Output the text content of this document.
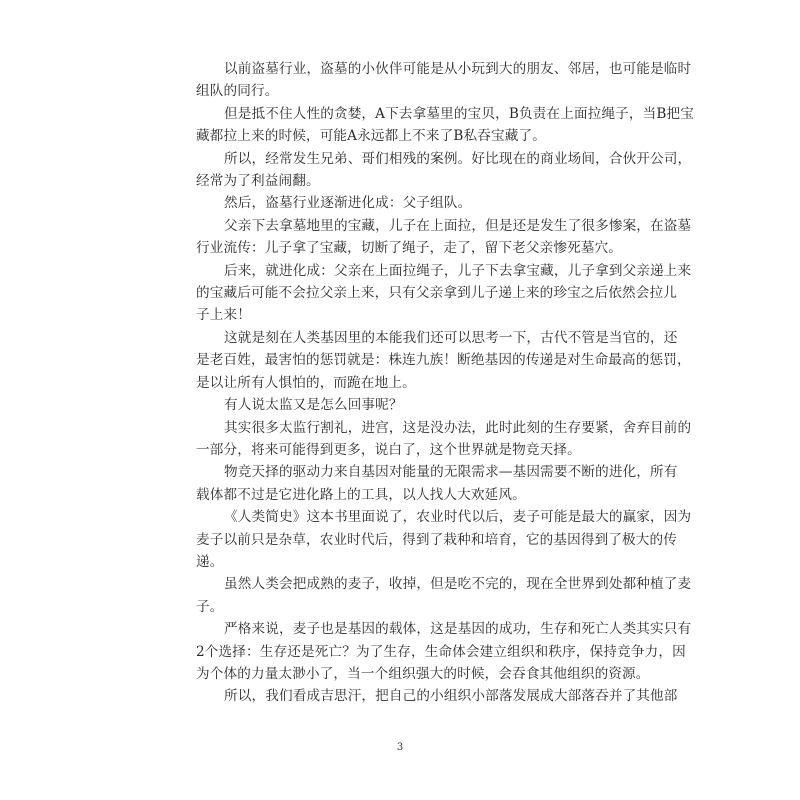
以前盗墓行业，盗墓的小伙伴可能是从小玩到大的朋友、邻居，也可能是临时

组队的同行。

但是抵不住人性的贪婪，A下去拿墓里的宝贝，B负责在上面拉绳子，当B把宝

藏都拉上来的时候，可能A永远都上不来了B私吞宝藏了。

所以，经常发生兄弟、哥们相残的案例。好比现在的商业场间，合伙开公司，

经常为了利益闹翻。

然后，盗墓行业逐渐进化成：父子组队。

父亲下去拿墓地里的宝藏，儿子在上面拉，但是还是发生了很多惨案，在盗墓

行业流传：儿子拿了宝藏，切断了绳子，走了，留下老父亲惨死墓穴。

后来，就进化成：父亲在上面拉绳子，儿子下去拿宝藏，儿子拿到父亲递上来

的宝藏后可能不会拉父亲上来，只有父亲拿到儿子递上来的珍宝之后依然会拉儿

子上来！

这就是刻在人类基因里的本能我们还可以思考一下，古代不管是当官的，还

是老百姓，最害怕的惩罚就是：株连九族！断绝基因的传递是对生命最高的惩罚，

是以让所有人惧怕的，而跪在地上。

有人说太监又是怎么回事呢？

其实很多太监行割礼，进宫，这是没办法，此时此刻的生存要紧，舍弃目前的

一部分，将来可能得到更多，说白了，这个世界就是物竞天择。

物竞天择的驱动力来自基因对能量的无限需求—基因需要不断的进化，所有

载体都不过是它进化路上的工具，以人找人大欢延风。

《人类简史》这本书里面说了，农业时代以后，麦子可能是最大的赢家，因为

麦子以前只是杂草，农业时代后，得到了栽种和培育，它的基因得到了极大的传

递。

虽然人类会把成熟的麦子，收掉，但是吃不完的，现在全世界到处都种植了麦

子。

严格来说，麦子也是基因的载体，这是基因的成功，生存和死亡人类其实只有

2个选择：生存还是死亡？为了生存，生命体会建立组织和秩序，保持竞争力，因

为个体的力量太渺小了，当一个组织强大的时候，会吞食其他组织的资源。

所以，我们看成吉思汗，把自己的小组织小部落发展成大部落吞并了其他部

3
